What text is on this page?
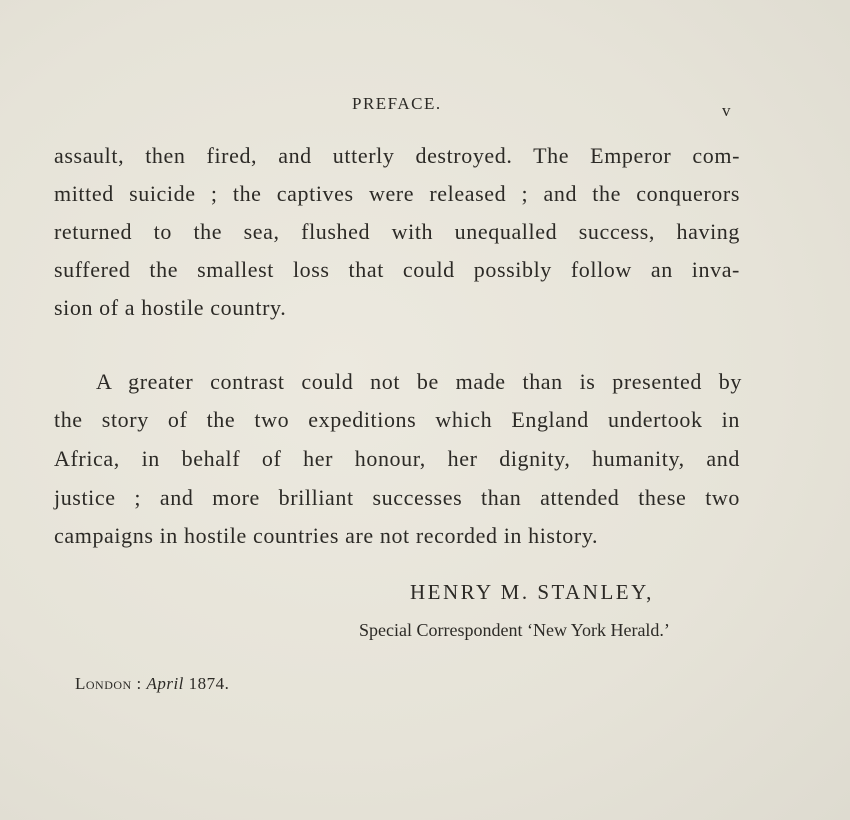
PREFACE.	v
assault, then fired, and utterly destroyed. The Emperor com-
mitted suicide ; the captives were released ; and the conquerors
returned to the sea, flushed with unequalled success, having
suffered the smallest loss that could possibly follow an inva-
sion of a hostile country.
A greater contrast could not be made than is presented by
the story of the two expeditions which England undertook in
Africa, in behalf of her honour, her dignity, humanity, and
justice ; and more brilliant successes than attended these two
campaigns in hostile countries are not recorded in history.
HENRY M. STANLEY,
Special Correspondent ‘New York Herald.’
London : April 1874.
